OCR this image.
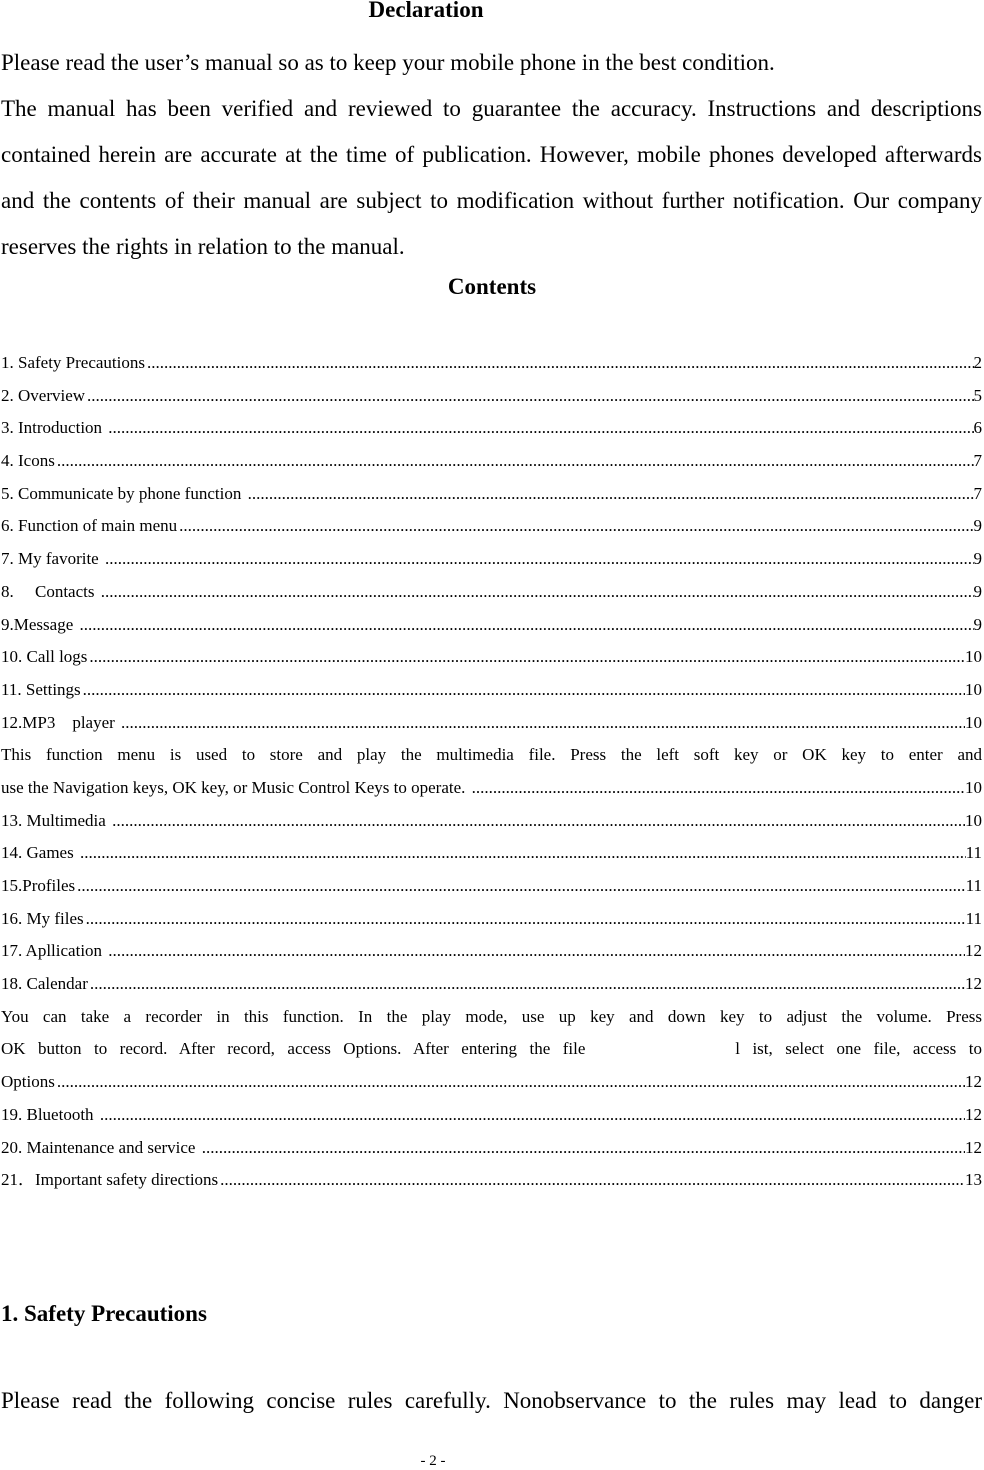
Declaration
Please read the user’s manual so as to keep your mobile phone in the best condition.
The manual has been verified and reviewed to guarantee the accuracy. Instructions and descriptions contained herein are accurate at the time of publication. However, mobile phones developed afterwards and the contents of their manual are subject to modification without further notification. Our company reserves the rights in relation to the manual.
Contents
1. Safety Precautions .....	2
2. Overview .....	5
3. Introduction .....	6
4. Icons .....	7
5. Communicate by phone function .....	7
6. Function of main menu .....	9
7. My favorite .....	9
8.     Contacts .....	9
9.Message .....	9
10. Call logs .....	10
11. Settings .....	10
12.MP3    player .....	10
This function menu is used to store and play the multimedia file. Press the left soft key or OK key to enter and
use the Navigation keys, OK key, or Music Control Keys to operate. .....	10
13. Multimedia .....	10
14. Games .....	11
15.Profiles .....	11
16. My files .....	11
17. Apllication .....	12
18. Calendar .....	12
You can take a recorder in this function. In the play mode, use up key and down key to adjust the volume. Press
OK button to record. After record, access Options. After entering the file            l ist, select one file, access to
Options .....	12
19. Bluetooth .....	12
20. Maintenance and service .....	12
21．Important safety directions .....	13
1. Safety Precautions
Please read the following concise rules carefully. Nonobservance to the rules may lead to danger
- 2 -
